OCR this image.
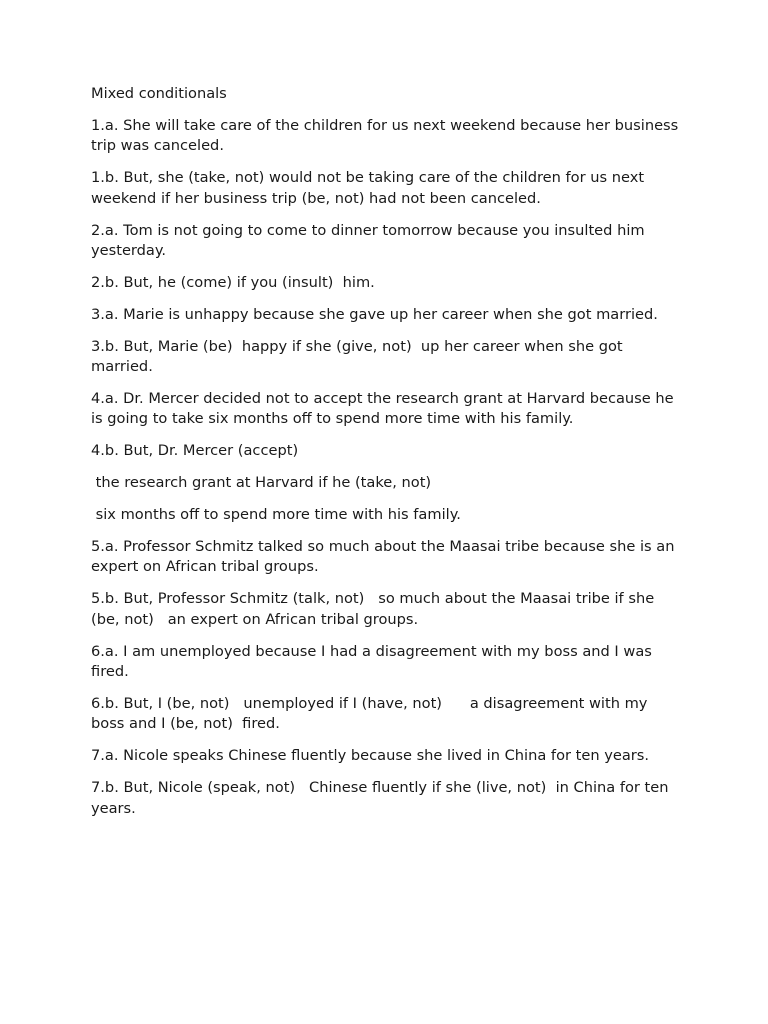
Mixed conditionals

1.a. She will take care of the children for us next weekend because her business trip was canceled.

1.b. But, she (take, not) would not be taking care of the children for us next weekend if her business trip (be, not) had not been canceled.

2.a. Tom is not going to come to dinner tomorrow because you insulted him yesterday.

2.b. But, he (come) if you (insult)  him.

3.a. Marie is unhappy because she gave up her career when she got married.

3.b. But, Marie (be)  happy if she (give, not)  up her career when she got married.

4.a. Dr. Mercer decided not to accept the research grant at Harvard because he is going to take six months off to spend more time with his family.

4.b. But, Dr. Mercer (accept)

the research grant at Harvard if he (take, not)

six months off to spend more time with his family.

5.a. Professor Schmitz talked so much about the Maasai tribe because she is an expert on African tribal groups.

5.b. But, Professor Schmitz (talk, not)   so much about the Maasai tribe if she (be, not)   an expert on African tribal groups.

6.a. I am unemployed because I had a disagreement with my boss and I was fired.

6.b. But, I (be, not)   unemployed if I (have, not)      a disagreement with my boss and I (be, not)  fired.

7.a. Nicole speaks Chinese fluently because she lived in China for ten years.

7.b. But, Nicole (speak, not)   Chinese fluently if she (live, not)  in China for ten years.
